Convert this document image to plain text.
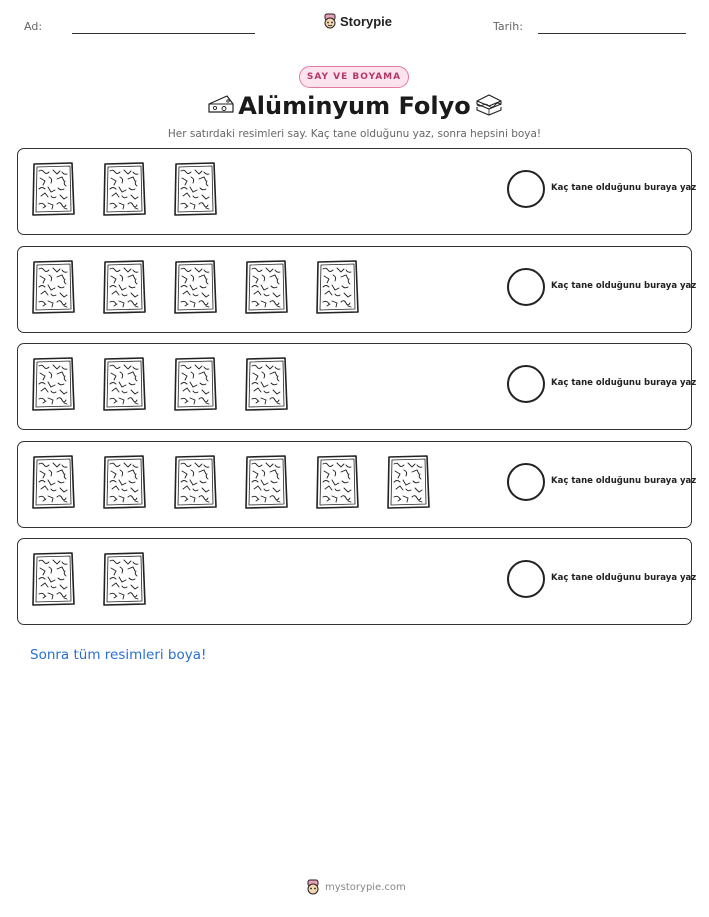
Ad:	Storypie	Tarih:
SAY VE BOYAMA
Alüminyum Folyo
Her satırdaki resimleri say. Kaç tane olduğunu yaz, sonra hepsini boya!
Kaç tane olduğunu buraya yaz
Kaç tane olduğunu buraya yaz
Kaç tane olduğunu buraya yaz
Kaç tane olduğunu buraya yaz
Kaç tane olduğunu buraya yaz
Sonra tüm resimleri boya!
mystorypie.com
